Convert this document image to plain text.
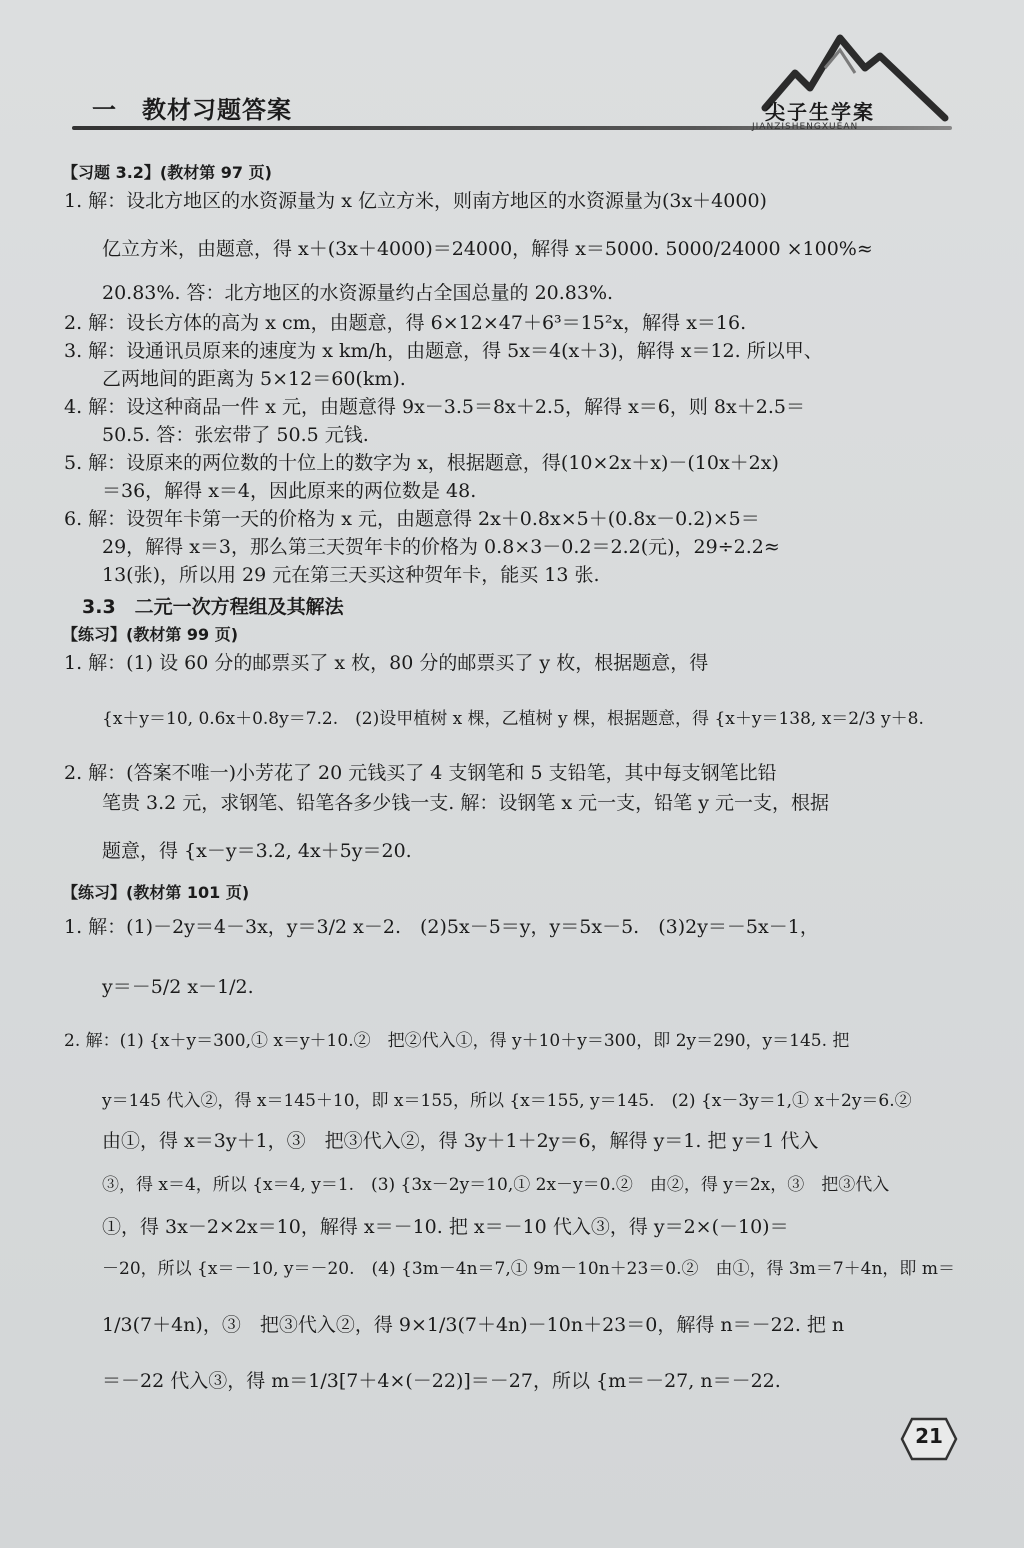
一　教材习题答案	尖子生学案
JIANZISHENGXUEAN
【习题 3.2】(教材第 97 页)
1. 解：设北方地区的水资源量为 x 亿立方米，则南方地区的水资源量为(3x＋4000)
亿立方米，由题意，得 x＋(3x＋4000)＝24000，解得 x＝5000. 5000/24000 ×100%≈
20.83%. 答：北方地区的水资源量约占全国总量的 20.83%.
2. 解：设长方体的高为 x cm，由题意，得 6×12×47＋6³＝15²x，解得 x＝16.
3. 解：设通讯员原来的速度为 x km/h，由题意，得 5x＝4(x＋3)，解得 x＝12. 所以甲、
乙两地间的距离为 5×12＝60(km).
4. 解：设这种商品一件 x 元，由题意得 9x－3.5＝8x＋2.5，解得 x＝6，则 8x＋2.5＝
50.5. 答：张宏带了 50.5 元钱.
5. 解：设原来的两位数的十位上的数字为 x，根据题意，得(10×2x＋x)－(10x＋2x)
＝36，解得 x＝4，因此原来的两位数是 48.
6. 解：设贺年卡第一天的价格为 x 元，由题意得 2x＋0.8x×5＋(0.8x－0.2)×5＝
29，解得 x＝3，那么第三天贺年卡的价格为 0.8×3－0.2＝2.2(元)，29÷2.2≈
13(张)，所以用 29 元在第三天买这种贺年卡，能买 13 张.
3.3　二元一次方程组及其解法
【练习】(教材第 99 页)
1. 解：(1) 设 60 分的邮票买了 x 枚，80 分的邮票买了 y 枚，根据题意，得
{x＋y＝10, 0.6x＋0.8y＝7.2.　(2)设甲植树 x 棵，乙植树 y 棵，根据题意，得 {x＋y＝138, x＝2/3 y＋8.
2. 解：(答案不唯一)小芳花了 20 元钱买了 4 支钢笔和 5 支铅笔，其中每支钢笔比铅
笔贵 3.2 元，求钢笔、铅笔各多少钱一支. 解：设钢笔 x 元一支，铅笔 y 元一支，根据
题意，得 {x－y＝3.2, 4x＋5y＝20.
【练习】(教材第 101 页)
1. 解：(1)－2y＝4－3x，y＝3/2 x－2.　(2)5x－5＝y，y＝5x－5.　(3)2y＝－5x－1，
y＝－5/2 x－1/2.
2. 解：(1) {x＋y＝300,① x＝y＋10.②　把②代入①，得 y＋10＋y＝300，即 2y＝290，y＝145. 把
y＝145 代入②，得 x＝145＋10，即 x＝155，所以 {x＝155, y＝145.　(2) {x－3y＝1,① x＋2y＝6.②
由①，得 x＝3y＋1，③　把③代入②，得 3y＋1＋2y＝6，解得 y＝1. 把 y＝1 代入
③，得 x＝4，所以 {x＝4, y＝1.　(3) {3x－2y＝10,① 2x－y＝0.②　由②，得 y＝2x，③　把③代入
①，得 3x－2×2x＝10，解得 x＝－10. 把 x＝－10 代入③，得 y＝2×(－10)＝
－20，所以 {x＝－10, y＝－20.　(4) {3m－4n＝7,① 9m－10n＋23＝0.②　由①，得 3m＝7＋4n，即 m＝
1/3(7＋4n)，③　把③代入②，得 9×1/3(7＋4n)－10n＋23＝0，解得 n＝－22. 把 n
＝－22 代入③，得 m＝1/3[7＋4×(－22)]＝－27，所以 {m＝－27, n＝－22.
21
